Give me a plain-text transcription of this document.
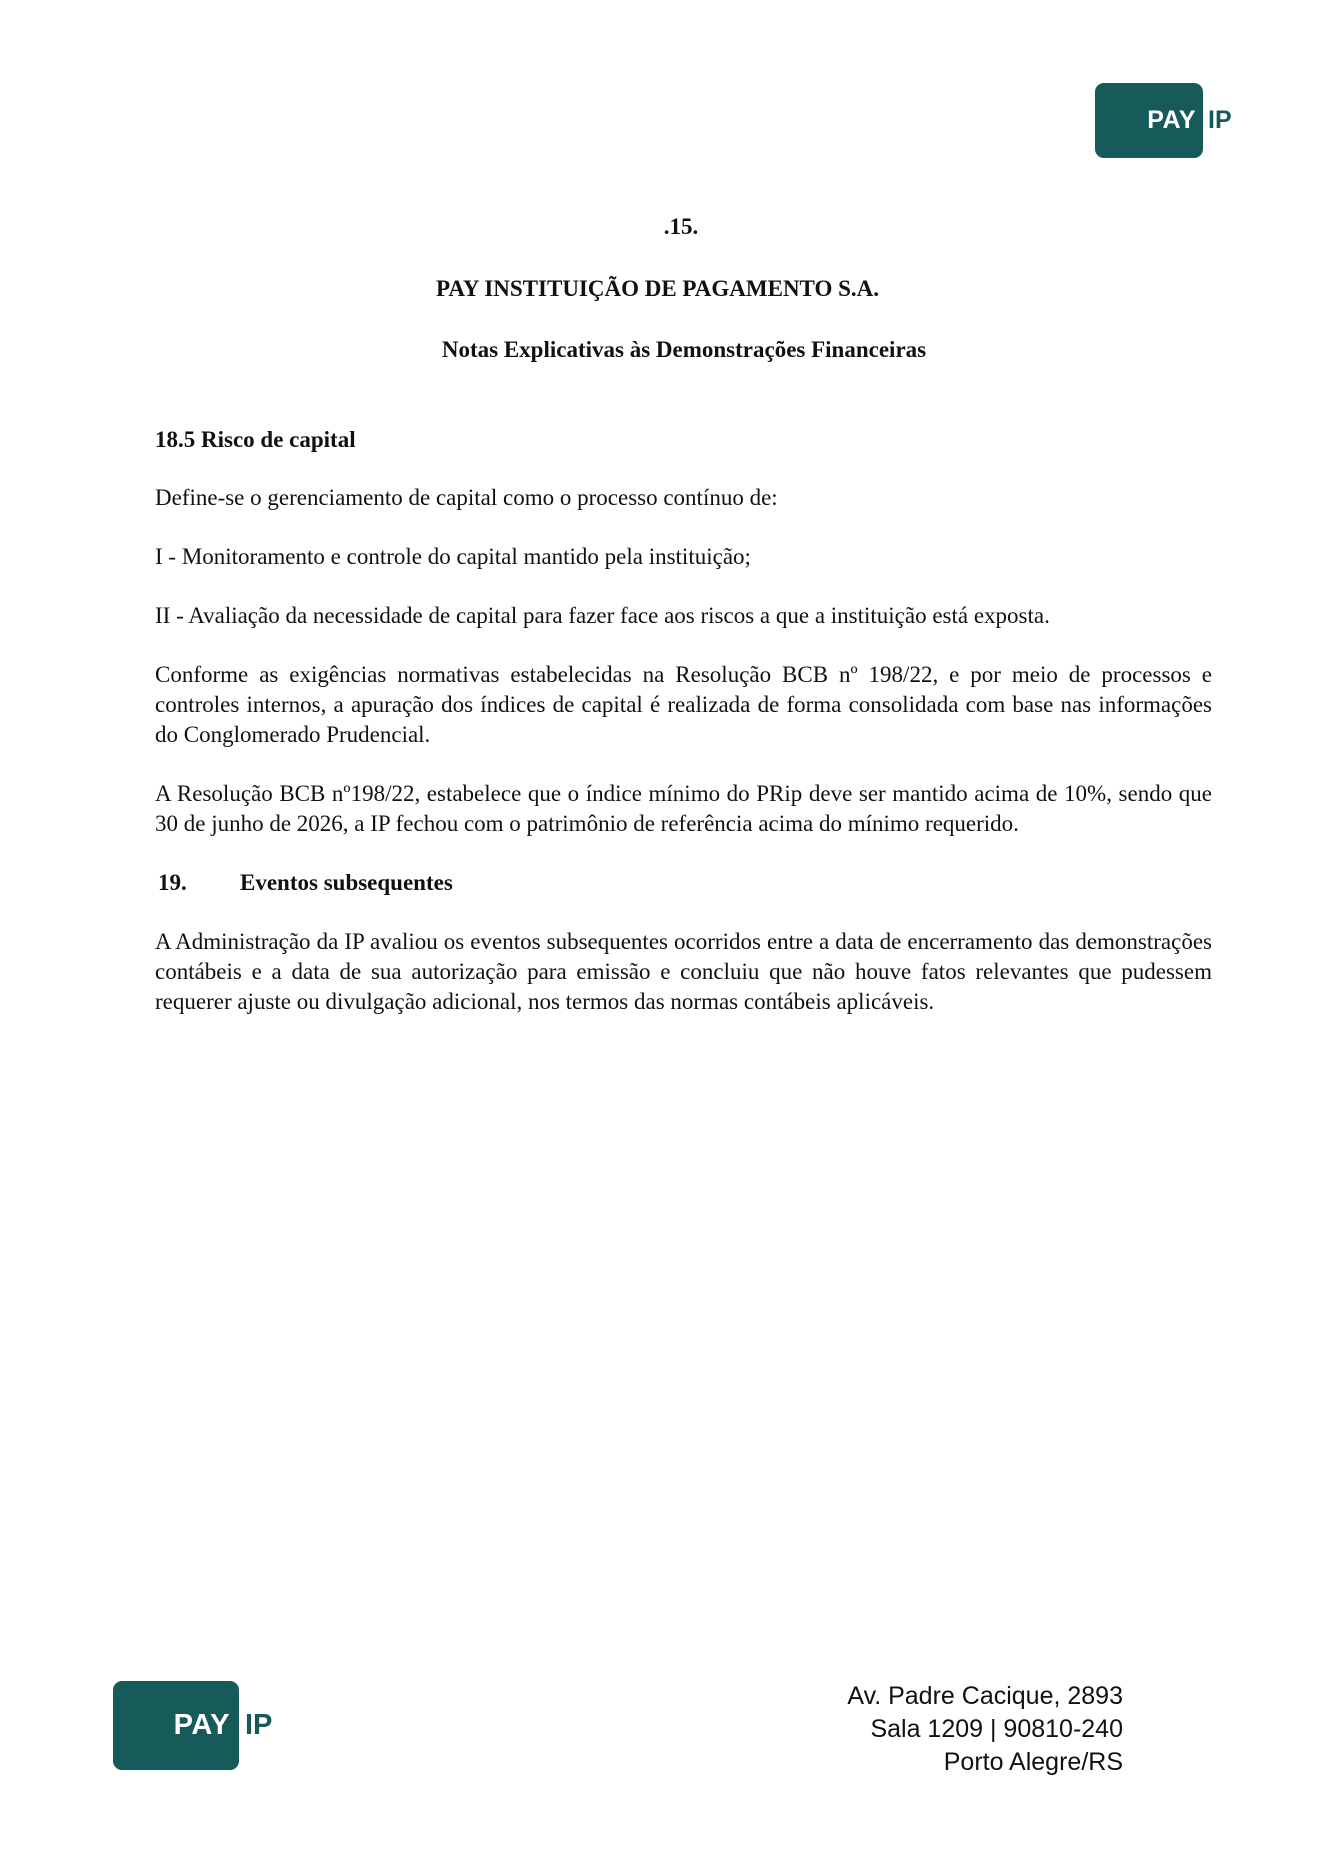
PAY IP
.15.
PAY INSTITUIÇÃO DE PAGAMENTO S.A.
Notas Explicativas às Demonstrações Financeiras
18.5 Risco de capital

Define-se o gerenciamento de capital como o processo contínuo de:

I - Monitoramento e controle do capital mantido pela instituição;

II - Avaliação da necessidade de capital para fazer face aos riscos a que a instituição está exposta.

Conforme as exigências normativas estabelecidas na Resolução BCB nº 198/22, e por meio de processos e controles internos, a apuração dos índices de capital é realizada de forma consolidada com base nas informações do Conglomerado Prudencial.

A Resolução BCB nº198/22, estabelece que o índice mínimo do PRip deve ser mantido acima de 10%, sendo que 30 de junho de 2026, a IP fechou com o patrimônio de referência acima do mínimo requerido.

19.	Eventos subsequentes

A Administração da IP avaliou os eventos subsequentes ocorridos entre a data de encerramento das demonstrações contábeis e a data de sua autorização para emissão e concluiu que não houve fatos relevantes que pudessem requerer ajuste ou divulgação adicional, nos termos das normas contábeis aplicáveis.

PAY IP
Av. Padre Cacique, 2893
Sala 1209 | 90810-240
Porto Alegre/RS
